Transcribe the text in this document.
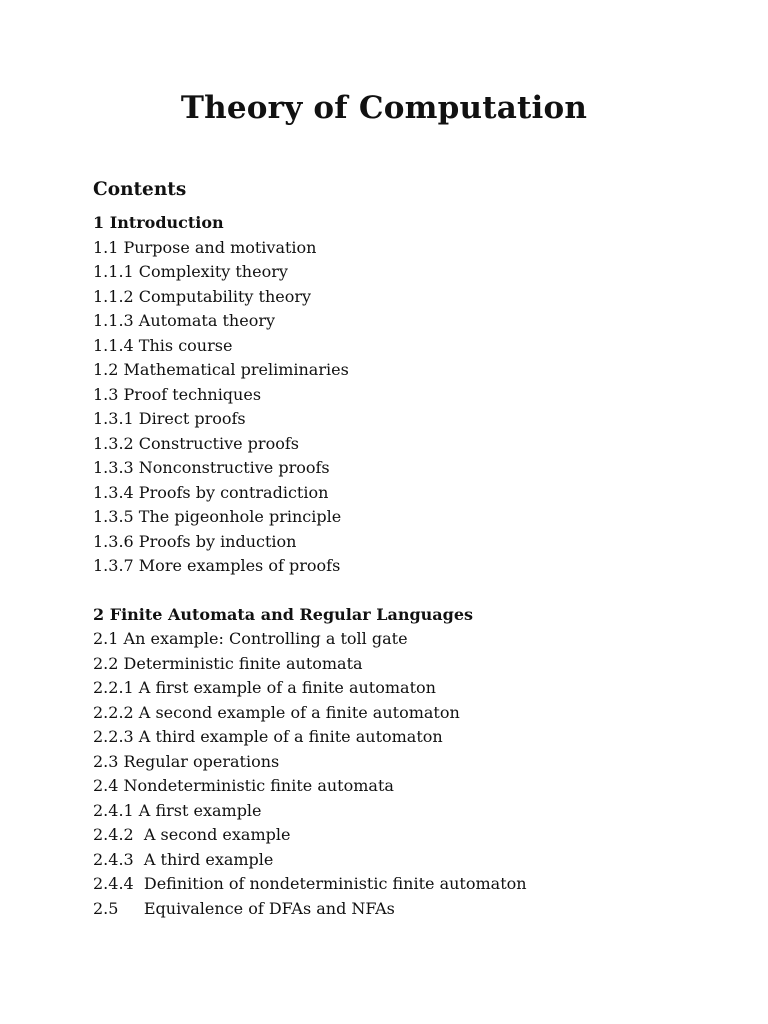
Theory of Computation
Contents
1 Introduction
1.1 Purpose and motivation
1.1.1 Complexity theory
1.1.2 Computability theory
1.1.3 Automata theory
1.1.4 This course
1.2 Mathematical preliminaries
1.3 Proof techniques
1.3.1 Direct proofs
1.3.2 Constructive proofs
1.3.3 Nonconstructive proofs
1.3.4 Proofs by contradiction
1.3.5 The pigeonhole principle
1.3.6 Proofs by induction
1.3.7 More examples of proofs
2 Finite Automata and Regular Languages
2.1 An example: Controlling a toll gate
2.2 Deterministic finite automata
2.2.1 A first example of a finite automaton
2.2.2 A second example of a finite automaton
2.2.3 A third example of a finite automaton
2.3 Regular operations
2.4 Nondeterministic finite automata
2.4.1 A first example
2.4.2  A second example
2.4.3  A third example
2.4.4  Definition of nondeterministic finite automaton
2.5     Equivalence of DFAs and NFAs
